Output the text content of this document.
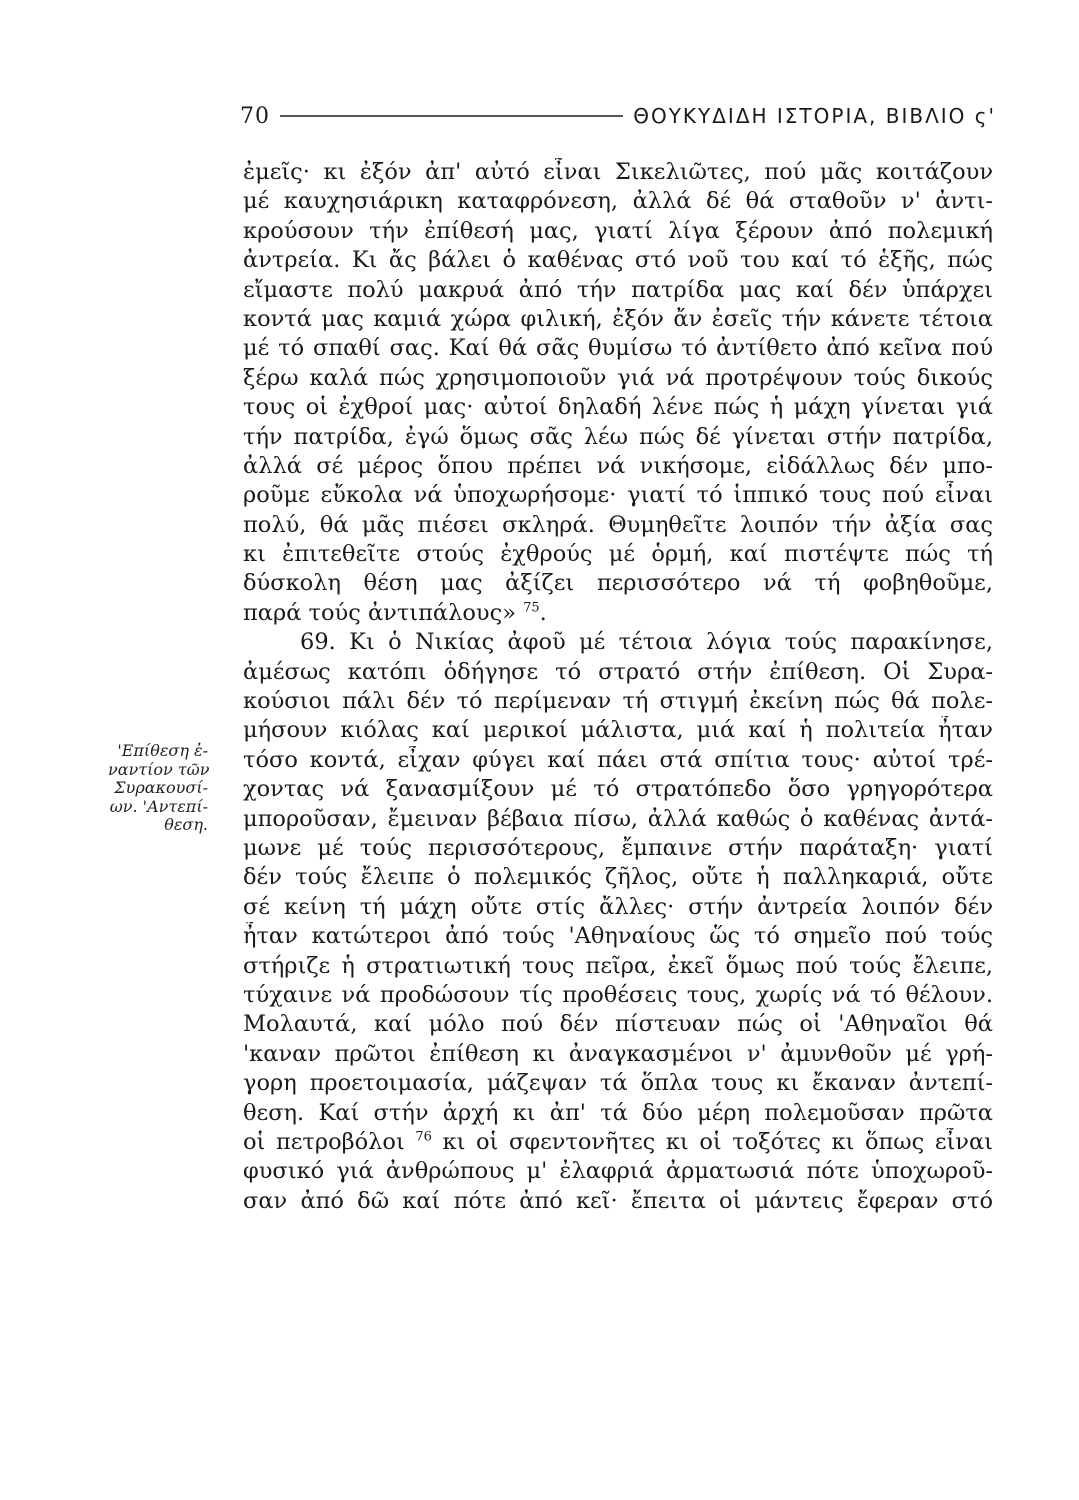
70	ΘΟΥΚΥΔΙΔΗ ΙΣΤΟΡΙΑ, ΒΙΒΛΙΟ ς'
'Επίθεση ἐ-
ναντίον τῶν
Συρακουσί-
ων. 'Αντεπί-
θεση.
ἐμεῖς· κι ἐξόν ἀπ' αὐτό εἶναι Σικελιῶτες, πού μᾶς κοιτάζουν
μέ καυχησιάρικη καταφρόνεση, ἀλλά δέ θά σταθοῦν ν' ἀντι-
κρούσουν τήν ἐπίθεσή μας, γιατί λίγα ξέρουν ἀπό πολεμική
ἀντρεία. Κι ἄς βάλει ὁ καθένας στό νοῦ του καί τό ἑξῆς, πώς
εἴμαστε πολύ μακρυά ἀπό τήν πατρίδα μας καί δέν ὑπάρχει
κοντά μας καμιά χώρα φιλική, ἐξόν ἄν ἐσεῖς τήν κάνετε τέτοια
μέ τό σπαθί σας. Καί θά σᾶς θυμίσω τό ἀντίθετο ἀπό κεῖνα πού
ξέρω καλά πώς χρησιμοποιοῦν γιά νά προτρέψουν τούς δικούς
τους οἱ ἐχθροί μας· αὐτοί δηλαδή λένε πώς ἡ μάχη γίνεται γιά
τήν πατρίδα, ἐγώ ὅμως σᾶς λέω πώς δέ γίνεται στήν πατρίδα,
ἀλλά σέ μέρος ὅπου πρέπει νά νικήσομε, εἰδάλλως δέν μπο-
ροῦμε εὔκολα νά ὑποχωρήσομε· γιατί τό ἱππικό τους πού εἶναι
πολύ, θά μᾶς πιέσει σκληρά. Θυμηθεῖτε λοιπόν τήν ἀξία σας
κι ἐπιτεθεῖτε στούς ἐχθρούς μέ ὁρμή, καί πιστέψτε πώς τή
δύσκολη θέση μας ἀξίζει περισσότερο νά τή φοβηθοῦμε,
παρά τούς ἀντιπάλους» $^{75}$.
69. Κι ὁ Νικίας ἀφοῦ μέ τέτοια λόγια τούς παρακίνησε,
ἀμέσως κατόπι ὁδήγησε τό στρατό στήν ἐπίθεση. Οἱ Συρα-
κούσιοι πάλι δέν τό περίμεναν τή στιγμή ἐκείνη πώς θά πολε-
μήσουν κιόλας καί μερικοί μάλιστα, μιά καί ἡ πολιτεία ἦταν
τόσο κοντά, εἶχαν φύγει καί πάει στά σπίτια τους· αὐτοί τρέ-
χοντας νά ξανασμίξουν μέ τό στρατόπεδο ὅσο γρηγορότερα
μποροῦσαν, ἔμειναν βέβαια πίσω, ἀλλά καθώς ὁ καθένας ἀντά-
μωνε μέ τούς περισσότερους, ἔμπαινε στήν παράταξη· γιατί
δέν τούς ἔλειπε ὁ πολεμικός ζῆλος, οὔτε ἡ παλληκαριά, οὔτε
σέ κείνη τή μάχη οὔτε στίς ἄλλες· στήν ἀντρεία λοιπόν δέν
ἦταν κατώτεροι ἀπό τούς 'Αθηναίους ὥς τό σημεῖο πού τούς
στήριζε ἡ στρατιωτική τους πεῖρα, ἐκεῖ ὅμως πού τούς ἔλειπε,
τύχαινε νά προδώσουν τίς προθέσεις τους, χωρίς νά τό θέλουν.
Μολαυτά, καί μόλο πού δέν πίστευαν πώς οἱ 'Αθηναῖοι θά
'καναν πρῶτοι ἐπίθεση κι ἀναγκασμένοι ν' ἀμυνθοῦν μέ γρή-
γορη προετοιμασία, μάζεψαν τά ὅπλα τους κι ἔκαναν ἀντεπί-
θεση. Καί στήν ἀρχή κι ἀπ' τά δύο μέρη πολεμοῦσαν πρῶτα
οἱ πετροβόλοι $^{76}$ κι οἱ σφεντονῆτες κι οἱ τοξότες κι ὅπως εἶναι
φυσικό γιά ἀνθρώπους μ' ἐλαφριά ἀρματωσιά πότε ὑποχωροῦ-
σαν ἀπό δῶ καί πότε ἀπό κεῖ· ἔπειτα οἱ μάντεις ἔφεραν στό
